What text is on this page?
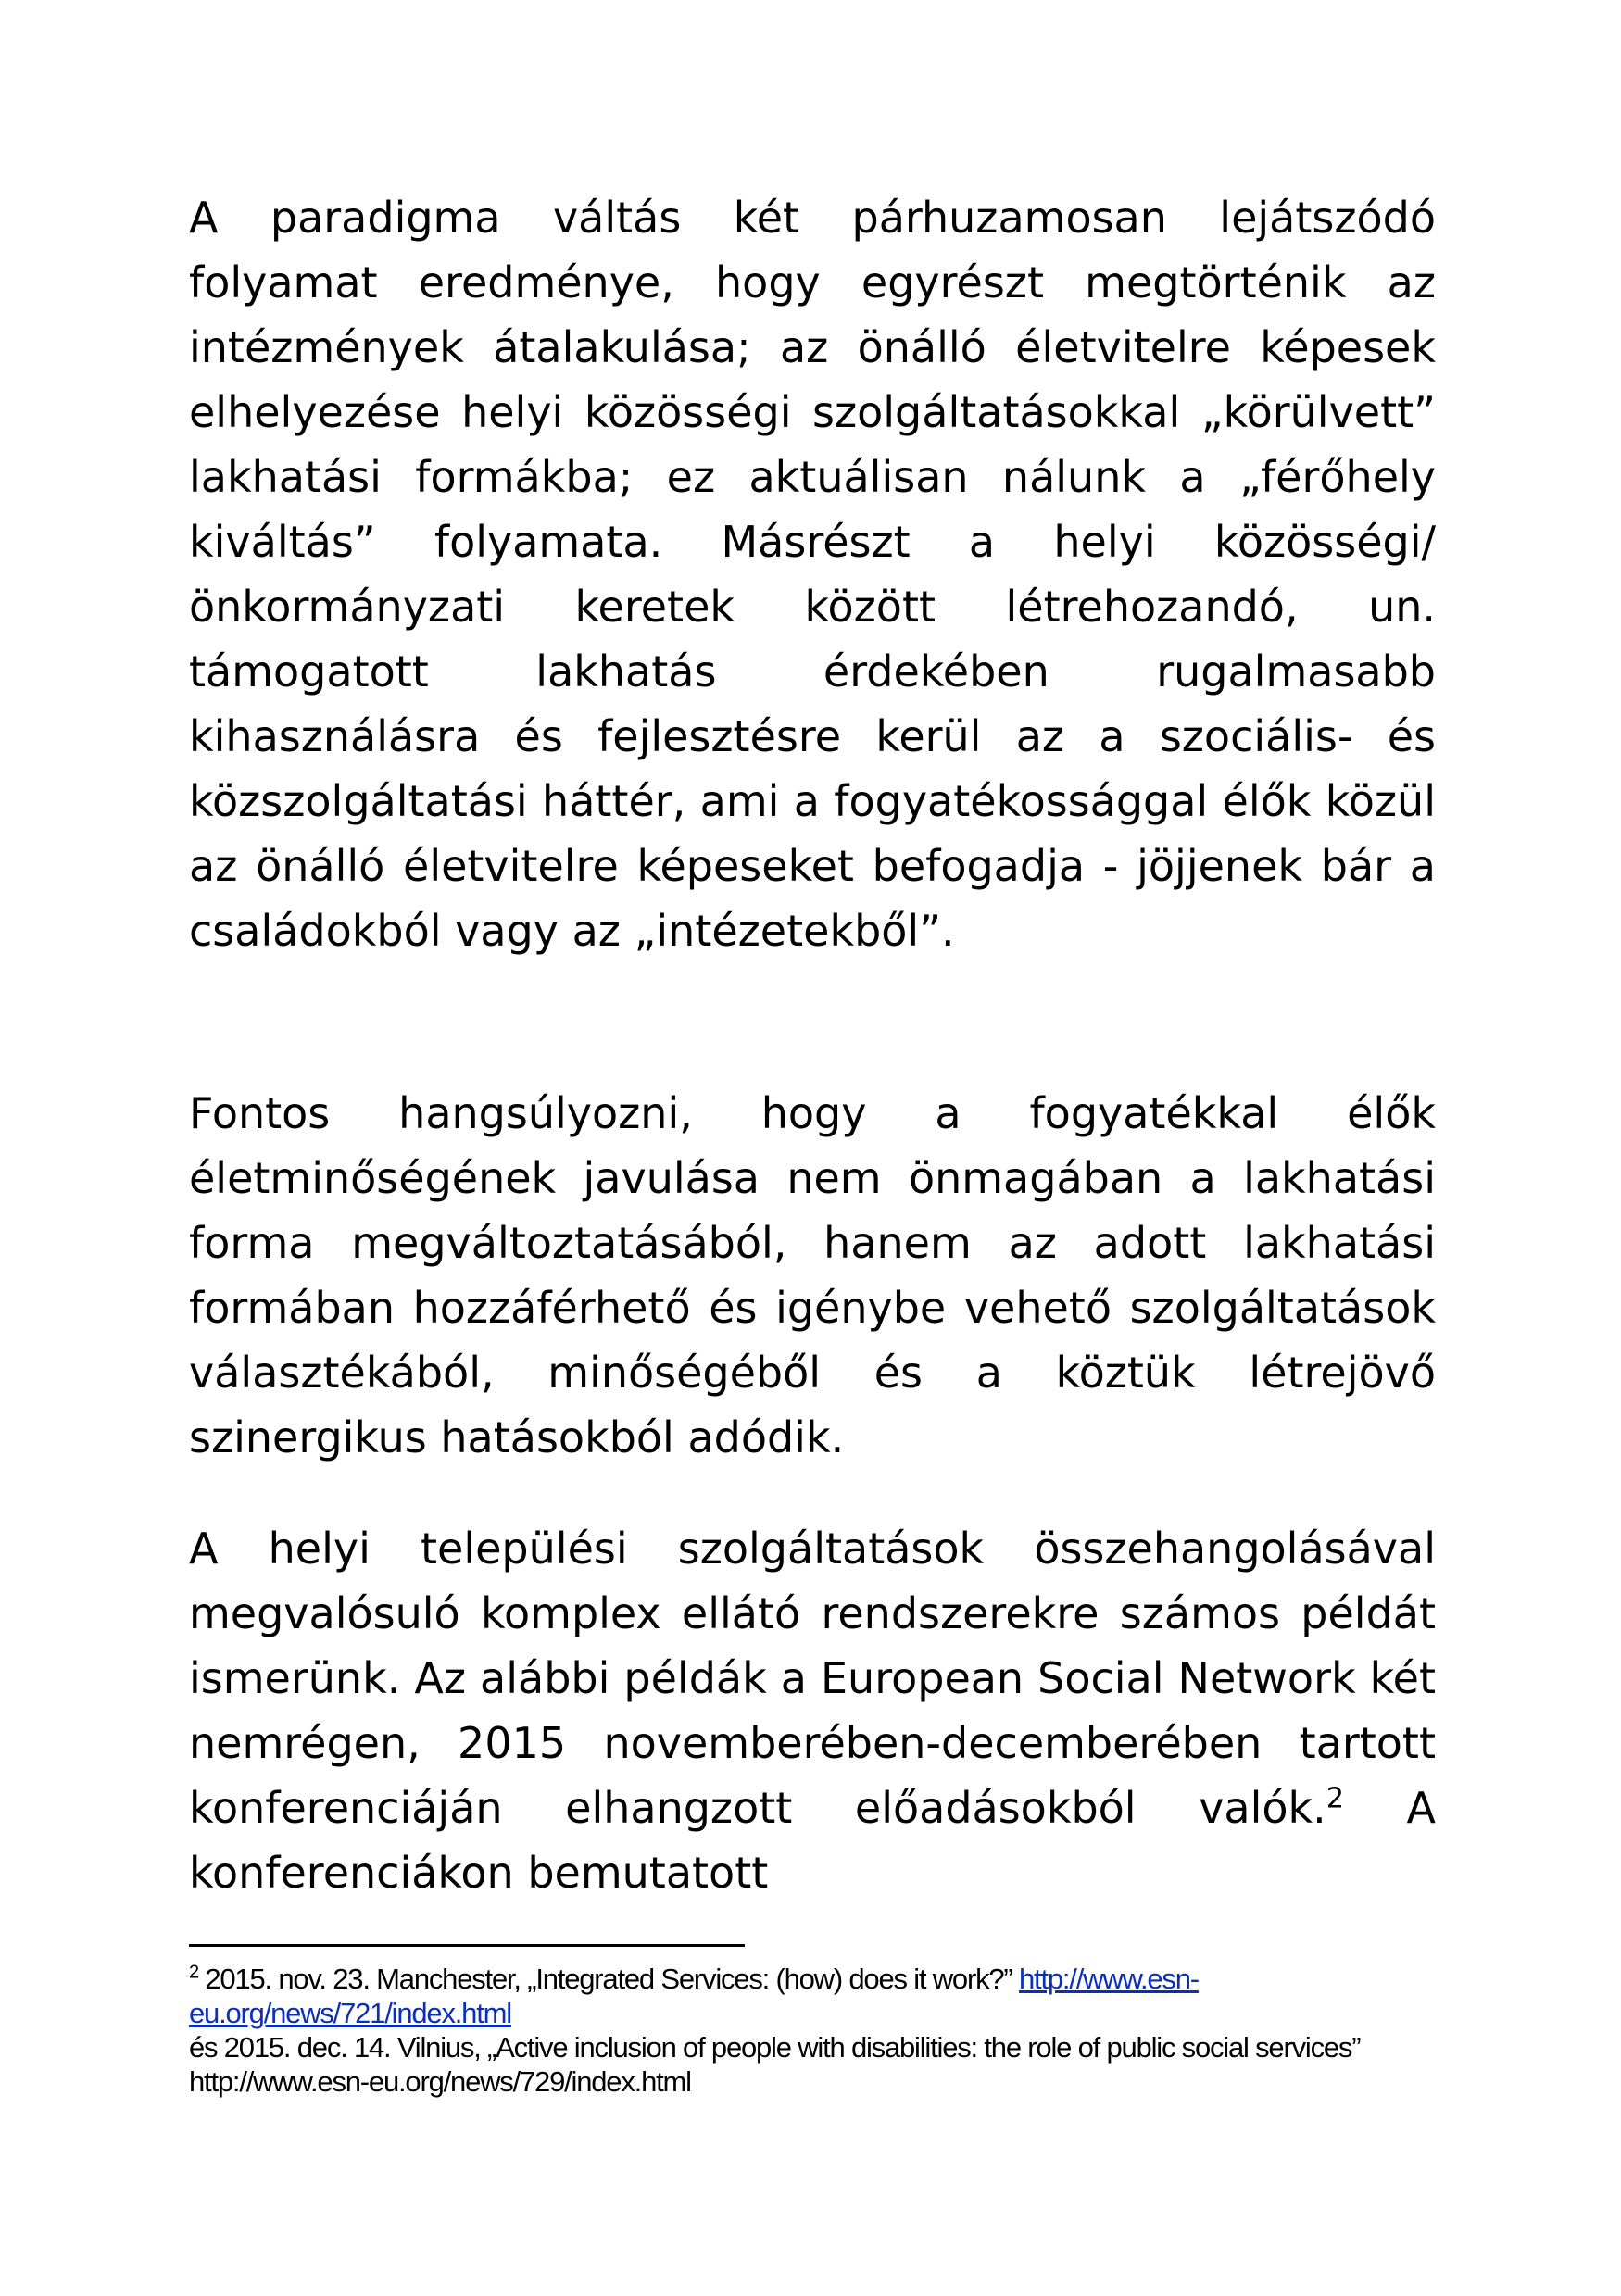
A paradigma váltás két párhuzamosan lejátszódó folyamat eredménye, hogy egyrészt megtörténik az intézmények átalakulása; az önálló életvitelre képesek elhelyezése helyi közösségi szolgáltatásokkal „körülvett” lakhatási formákba; ez aktuálisan nálunk a „férőhely kiváltás” folyamata. Másrészt a helyi közösségi/önkormányzati keretek között létrehozandó, un. támogatott lakhatás érdekében rugalmasabb kihasználásra és fejlesztésre kerül az a szociális- és közszolgáltatási háttér, ami a fogyatékossággal élők közül az önálló életvitelre képeseket befogadja - jöjjenek bár a családokból vagy az „intézetekből”.

Fontos hangsúlyozni, hogy a fogyatékkal élők életminőségének javulása nem önmagában a lakhatási forma megváltoztatásából, hanem az adott lakhatási formában hozzáférhető és igénybe vehető szolgáltatások választékából, minőségéből és a köztük létrejövő szinergikus hatásokból adódik.

A helyi települési szolgáltatások összehangolásával megvalósuló komplex ellátó rendszerekre számos példát ismerünk. Az alábbi példák a European Social Network két nemrégen, 2015 novemberében-decemberében tartott konferenciáján elhangzott előadásokból valók.$^2$ A konferenciákon bemutatott

$^2$ 2015. nov. 23. Manchester, „Integrated Services: (how) does it work?” http://www.esn-eu.org/news/721/index.html

és 2015. dec. 14. Vilnius, „Active inclusion of people with disabilities: the role of public social services” http://www.esn-eu.org/news/729/index.html
